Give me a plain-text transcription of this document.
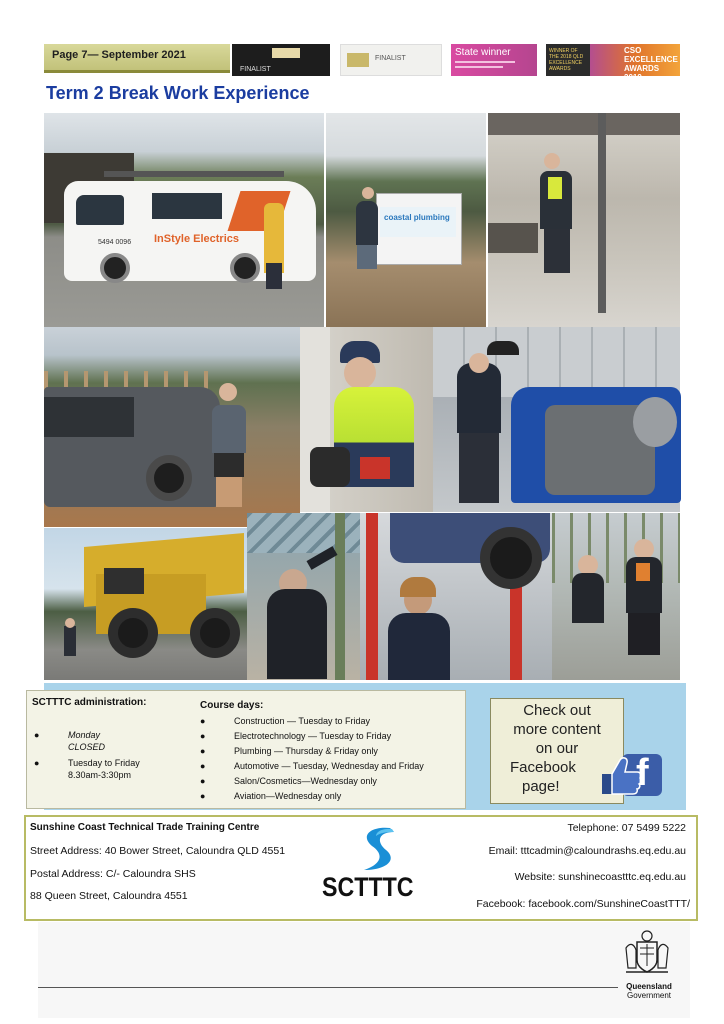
Page 7— September 2021
FINALIST
FINALIST
State winner	WINNER OF THE 2018 QLD EXCELLENCE AWARDS
CSO EXCELLENCE AWARDS 2019
Term 2 Break Work Experience
InStyle Electrics
5494 0096
coastal plumbing
SCTTTC administration:
●	Monday
CLOSED
●	Tuesday to Friday
8.30am-3:30pm
Course days:
●	Construction — Tuesday to Friday
●	Electrotechnology — Tuesday to Friday
●	Plumbing — Thursday & Friday only
●	Automotive — Tuesday, Wednesday and Friday
●	Salon/Cosmetics—Wednesday only
●	Aviation—Wednesday only
Check out
more content
on our
Facebook
page!	f
Sunshine Coast Technical Trade Training Centre
Street Address: 40 Bower Street, Caloundra QLD 4551
Postal Address: C/- Caloundra SHS
88 Queen Street, Caloundra 4551	SCTTTC
Telephone: 07 5499 5222
Email: tttcadmin@caloundrashs.eq.edu.au
Website: sunshinecoastttc.eq.edu.au
Facebook: facebook.com/SunshineCoastTTT/
Queensland
Government
